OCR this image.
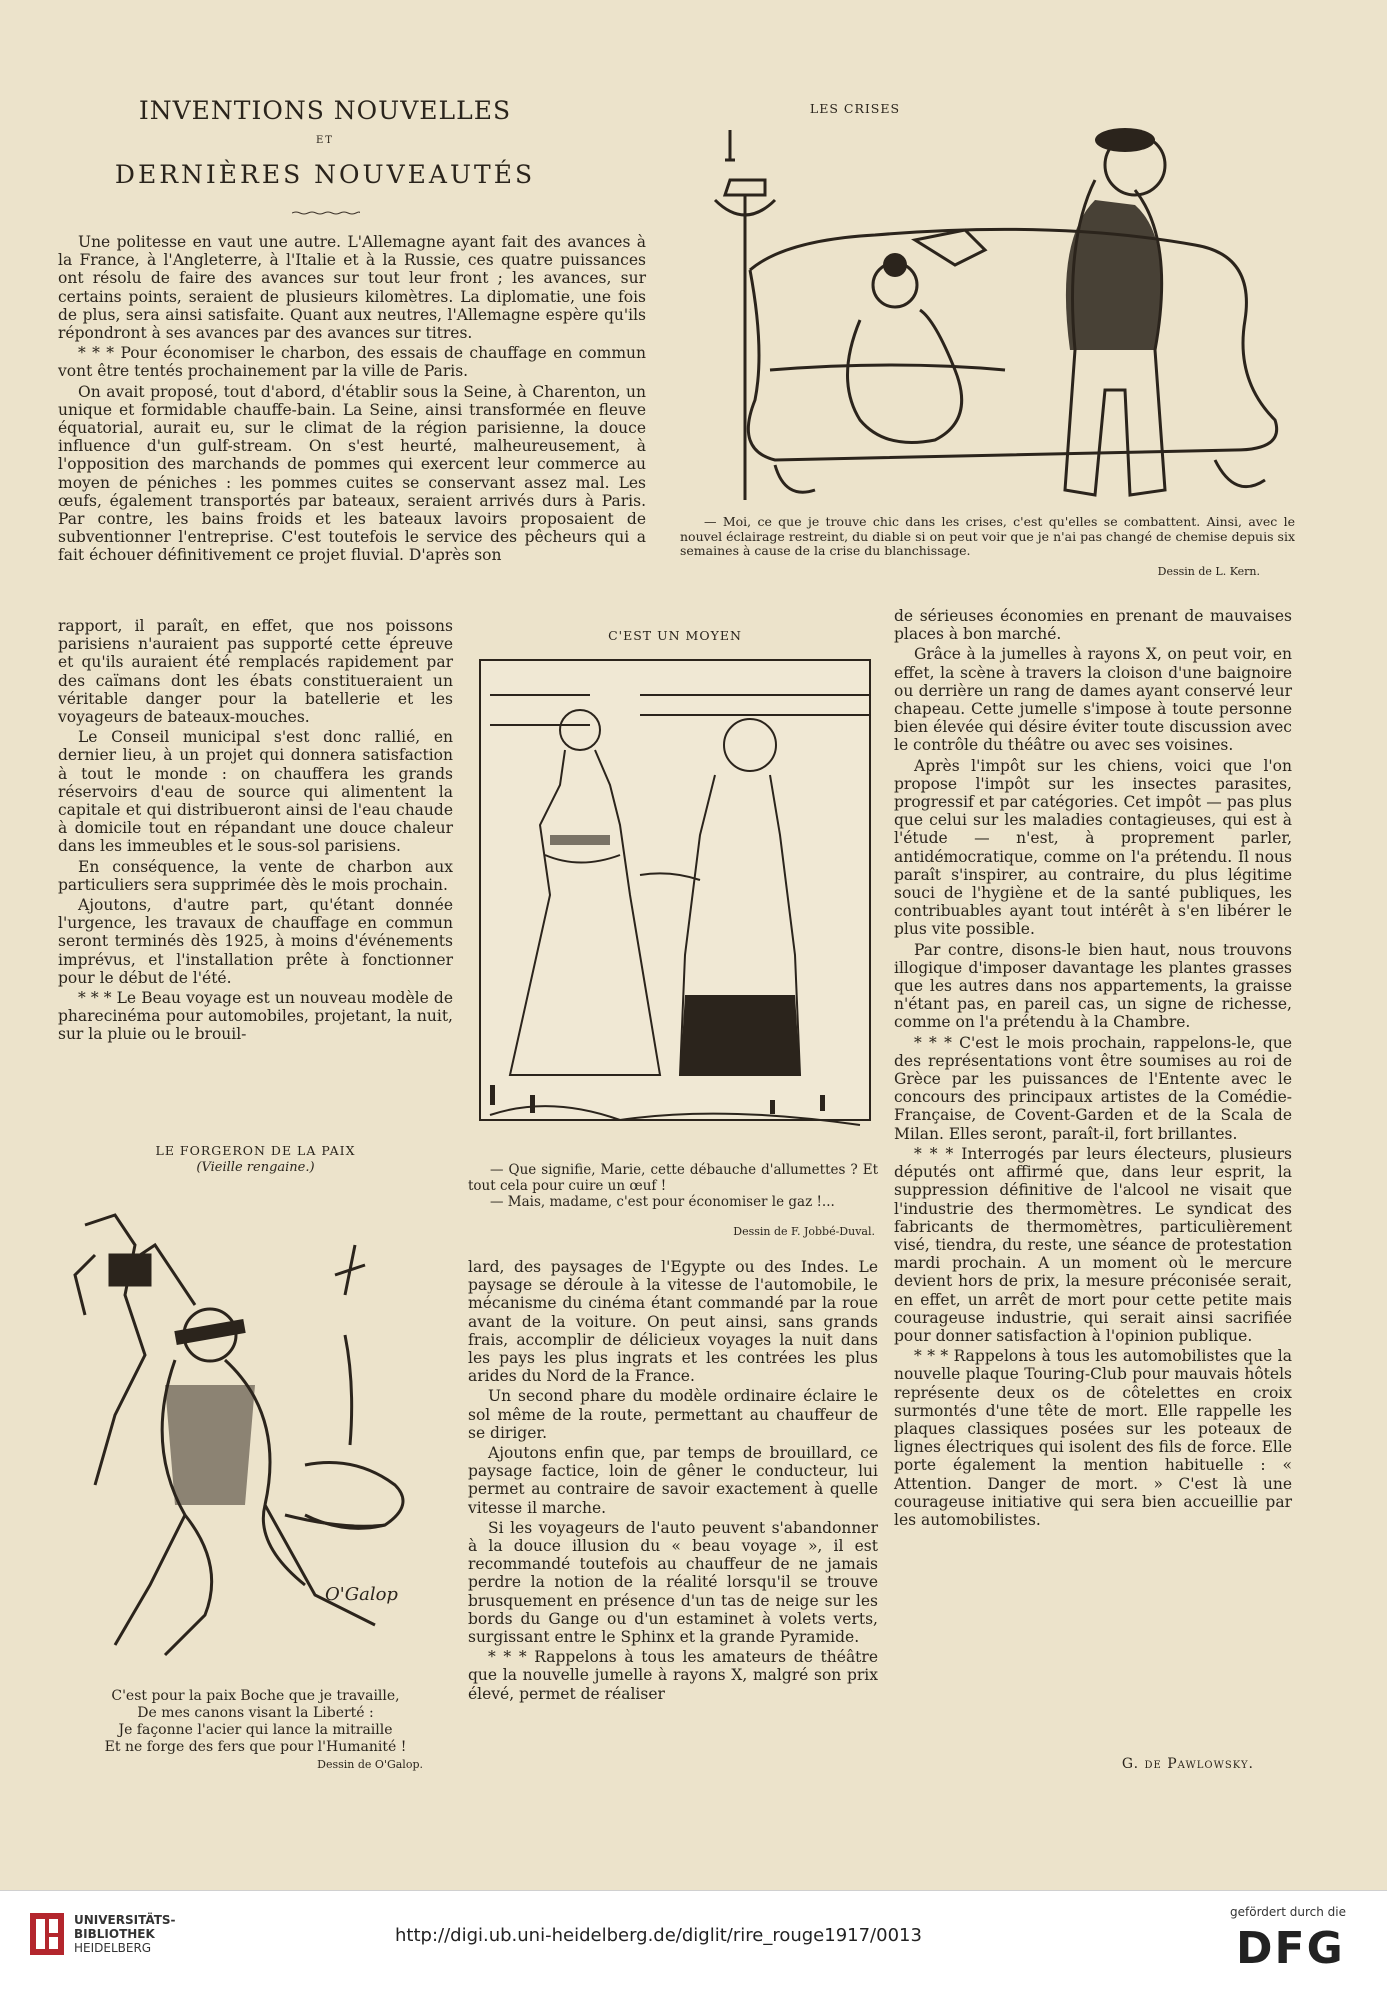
INVENTIONS NOUVELLES
ET
DERNIÈRES NOUVEAUTÉS

Une politesse en vaut une autre. L'Allemagne ayant fait des avances à la France, à l'Angleterre, à l'Italie et à la Russie, ces quatre puissances ont résolu de faire des avances sur tout leur front ; les avances, sur certains points, seraient de plusieurs kilomètres. La diplomatie, une fois de plus, sera ainsi satisfaite. Quant aux neutres, l'Allemagne espère qu'ils répondront à ses avances par des avances sur titres.

* * * Pour économiser le charbon, des essais de chauffage en commun vont être tentés prochainement par la ville de Paris.

On avait proposé, tout d'abord, d'établir sous la Seine, à Charenton, un unique et formidable chauffe-bain. La Seine, ainsi transformée en fleuve équatorial, aurait eu, sur le climat de la région parisienne, la douce influence d'un gulf-stream. On s'est heurté, malheureusement, à l'opposition des marchands de pommes qui exercent leur commerce au moyen de péniches : les pommes cuites se conservant assez mal. Les œufs, également transportés par bateaux, seraient arrivés durs à Paris. Par contre, les bains froids et les bateaux lavoirs proposaient de subventionner l'entreprise. C'est toutefois le service des pêcheurs qui a fait échouer définitivement ce projet fluvial. D'après son

rapport, il paraît, en effet, que nos poissons parisiens n'auraient pas supporté cette épreuve et qu'ils auraient été remplacés rapidement par des caïmans dont les ébats constitueraient un véritable danger pour la batellerie et les voyageurs de bateaux-mouches.

Le Conseil municipal s'est donc rallié, en dernier lieu, à un projet qui donnera satisfaction à tout le monde : on chauffera les grands réservoirs d'eau de source qui alimentent la capitale et qui distribueront ainsi de l'eau chaude à domicile tout en répandant une douce chaleur dans les immeubles et le sous-sol parisiens.

En conséquence, la vente de charbon aux particuliers sera supprimée dès le mois prochain.

Ajoutons, d'autre part, qu'étant donnée l'urgence, les travaux de chauffage en commun seront terminés dès 1925, à moins d'événements imprévus, et l'installation prête à fonctionner pour le début de l'été.

* * * Le Beau voyage est un nouveau modèle de pharecinéma pour automobiles, projetant, la nuit, sur la pluie ou le brouil-

LE FORGERON DE LA PAIX
(Vieille rengaine.)
O'Galop
C'est pour la paix Boche que je travaille,
De mes canons visant la Liberté :
Je façonne l'acier qui lance la mitraille
Et ne forge des fers que pour l'Humanité !
Dessin de O'Galop.
LES CRISES
— Moi, ce que je trouve chic dans les crises, c'est qu'elles se combattent. Ainsi, avec le nouvel éclairage restreint, du diable si on peut voir que je n'ai pas changé de chemise depuis six semaines à cause de la crise du blanchissage.
Dessin de L. Kern.
C'EST UN MOYEN
— Que signifie, Marie, cette débauche d'allumettes ? Et tout cela pour cuire un œuf !
— Mais, madame, c'est pour économiser le gaz !...
Dessin de F. Jobbé-Duval.

lard, des paysages de l'Egypte ou des Indes. Le paysage se déroule à la vitesse de l'automobile, le mécanisme du cinéma étant commandé par la roue avant de la voiture. On peut ainsi, sans grands frais, accomplir de délicieux voyages la nuit dans les pays les plus ingrats et les contrées les plus arides du Nord de la France.

Un second phare du modèle ordinaire éclaire le sol même de la route, permettant au chauffeur de se diriger.

Ajoutons enfin que, par temps de brouillard, ce paysage factice, loin de gêner le conducteur, lui permet au contraire de savoir exactement à quelle vitesse il marche.

Si les voyageurs de l'auto peuvent s'abandonner à la douce illusion du « beau voyage », il est recommandé toutefois au chauffeur de ne jamais perdre la notion de la réalité lorsqu'il se trouve brusquement en présence d'un tas de neige sur les bords du Gange ou d'un estaminet à volets verts, surgissant entre le Sphinx et la grande Pyramide.

* * * Rappelons à tous les amateurs de théâtre que la nouvelle jumelle à rayons X, malgré son prix élevé, permet de réaliser

de sérieuses économies en prenant de mauvaises places à bon marché.

Grâce à la jumelles à rayons X, on peut voir, en effet, la scène à travers la cloison d'une baignoire ou derrière un rang de dames ayant conservé leur chapeau. Cette jumelle s'impose à toute personne bien élevée qui désire éviter toute discussion avec le contrôle du théâtre ou avec ses voisines.

Après l'impôt sur les chiens, voici que l'on propose l'impôt sur les insectes parasites, progressif et par catégories. Cet impôt — pas plus que celui sur les maladies contagieuses, qui est à l'étude — n'est, à proprement parler, antidémocratique, comme on l'a prétendu. Il nous paraît s'inspirer, au contraire, du plus légitime souci de l'hygiène et de la santé publiques, les contribuables ayant tout intérêt à s'en libérer le plus vite possible.

Par contre, disons-le bien haut, nous trouvons illogique d'imposer davantage les plantes grasses que les autres dans nos appartements, la graisse n'étant pas, en pareil cas, un signe de richesse, comme on l'a prétendu à la Chambre.

* * * C'est le mois prochain, rappelons-le, que des représentations vont être soumises au roi de Grèce par les puissances de l'Entente avec le concours des principaux artistes de la Comédie-Française, de Covent-Garden et de la Scala de Milan. Elles seront, paraît-il, fort brillantes.

* * * Interrogés par leurs électeurs, plusieurs députés ont affirmé que, dans leur esprit, la suppression définitive de l'alcool ne visait que l'industrie des thermomètres. Le syndicat des fabricants de thermomètres, particulièrement visé, tiendra, du reste, une séance de protestation mardi prochain. A un moment où le mercure devient hors de prix, la mesure préconisée serait, en effet, un arrêt de mort pour cette petite mais courageuse industrie, qui serait ainsi sacrifiée pour donner satisfaction à l'opinion publique.

* * * Rappelons à tous les automobilistes que la nouvelle plaque Touring-Club pour mauvais hôtels représente deux os de côtelettes en croix surmontés d'une tête de mort. Elle rappelle les plaques classiques posées sur les poteaux de lignes électriques qui isolent des fils de force. Elle porte également la mention habituelle : « Attention. Danger de mort. » C'est là une courageuse initiative qui sera bien accueillie par les automobilistes.

G. de Pawlowsky.
UNIVERSITÄTS-
BIBLIOTHEK
HEIDELBERG
http://digi.ub.uni-heidelberg.de/diglit/rire_rouge1917/0013
gefördert durch die
DFG
